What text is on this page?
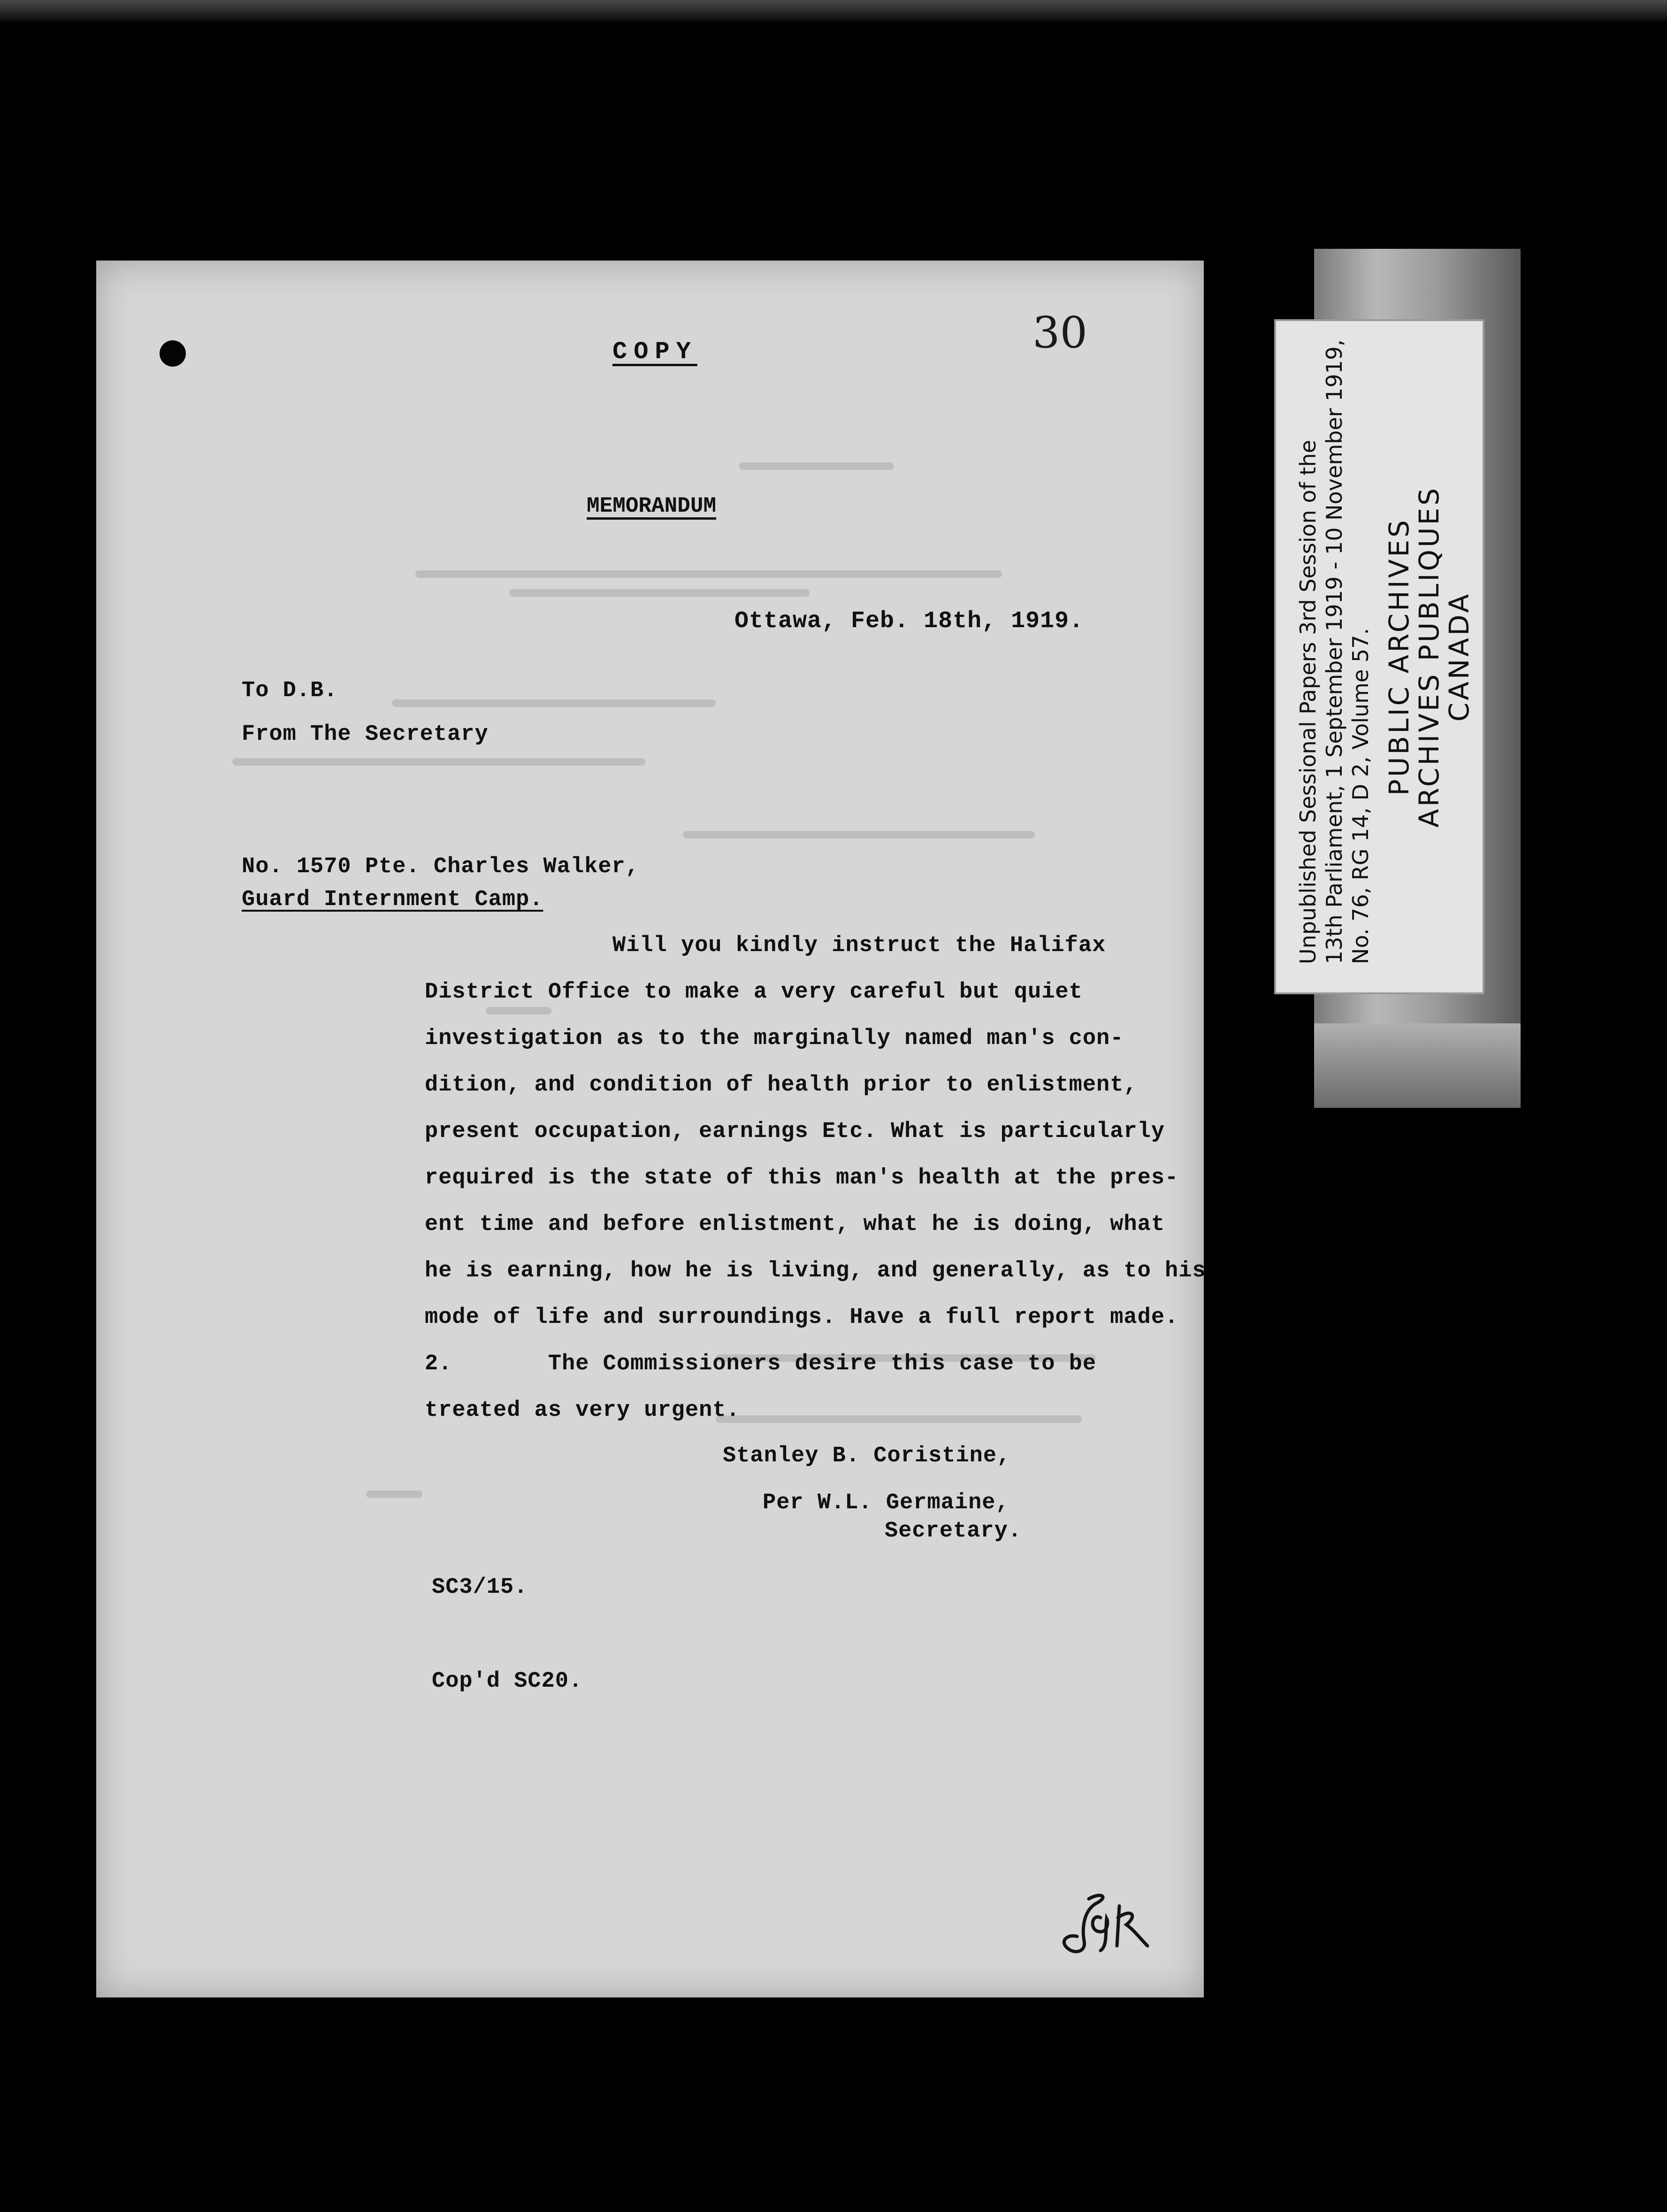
30
COPY
MEMORANDUM
Ottawa, Feb. 18th, 1919.
To D.B.
From The Secretary
No. 1570 Pte. Charles Walker,
Guard Internment Camp.
Will you kindly instruct the Halifax
District Office to make a very careful but quiet
investigation as to the marginally named man's con-
dition, and condition of health prior to enlistment,
present occupation, earnings Etc. What is particularly
required is the state of this man's health at the pres-
ent time and before enlistment, what he is doing, what
he is earning, how he is living, and generally, as to his
mode of life and surroundings. Have a full report made.
2.       The Commissioners desire this case to be
treated as very urgent.
Stanley B. Coristine,
Per W.L. Germaine,
Secretary.
SC3/15.
Cop'd SC20.
Unpublished Sessional Papers 3rd Session of the 13th Parliament, 1 September 1919 - 10 November 1919, No. 76, RG 14, D 2, Volume 57. PUBLIC ARCHIVES
ARCHIVES PUBLIQUES
CANADA
